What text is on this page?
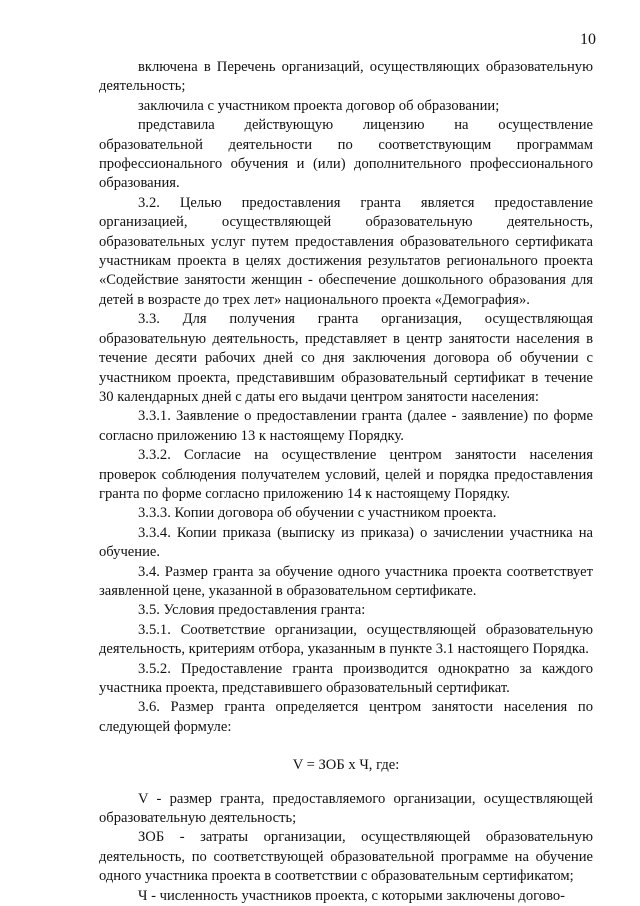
10

включена в Перечень организаций, осуществляющих образовательную деятельность;

заключила с участником проекта договор об образовании;

представила действующую лицензию на осуществление образовательной деятельности по соответствующим программам профессионального обучения и (или) дополнительного профессионального образования.

3.2. Целью предоставления гранта является предоставление организацией, осуществляющей образовательную деятельность, образовательных услуг путем предоставления образовательного сертификата участникам проекта в целях достижения результатов регионального проекта «Содействие занятости женщин - обеспечение дошкольного образования для детей в возрасте до трех лет» национального проекта «Демография».

3.3. Для получения гранта организация, осуществляющая образовательную деятельность, представляет в центр занятости населения в течение десяти рабочих дней со дня заключения договора об обучении с участником проекта, представившим образовательный сертификат в течение 30 календарных дней с даты его выдачи центром занятости населения:

3.3.1. Заявление о предоставлении гранта (далее - заявление) по форме согласно приложению 13 к настоящему Порядку.

3.3.2. Согласие на осуществление центром занятости населения проверок соблюдения получателем условий, целей и порядка предоставления гранта по форме согласно приложению 14 к настоящему Порядку.

3.3.3. Копии договора об обучении с участником проекта.

3.3.4. Копии приказа (выписку из приказа) о зачислении участника на обучение.

3.4. Размер гранта за обучение одного участника проекта соответствует заявленной цене, указанной в образовательном сертификате.

3.5. Условия предоставления гранта:

3.5.1. Соответствие организации, осуществляющей образовательную деятельность, критериям отбора, указанным в пункте 3.1 настоящего Порядка.

3.5.2. Предоставление гранта производится однократно за каждого участника проекта, представившего образовательный сертификат.

3.6. Размер гранта определяется центром занятости населения по следующей формуле:

V = ЗОБ х Ч, где:

V - размер гранта, предоставляемого организации, осуществляющей образовательную деятельность;

ЗОБ - затраты организации, осуществляющей образовательную деятельность, по соответствующей образовательной программе на обучение одного участника проекта в соответствии с образовательным сертификатом;

Ч - численность участников проекта, с которыми заключены догово-
